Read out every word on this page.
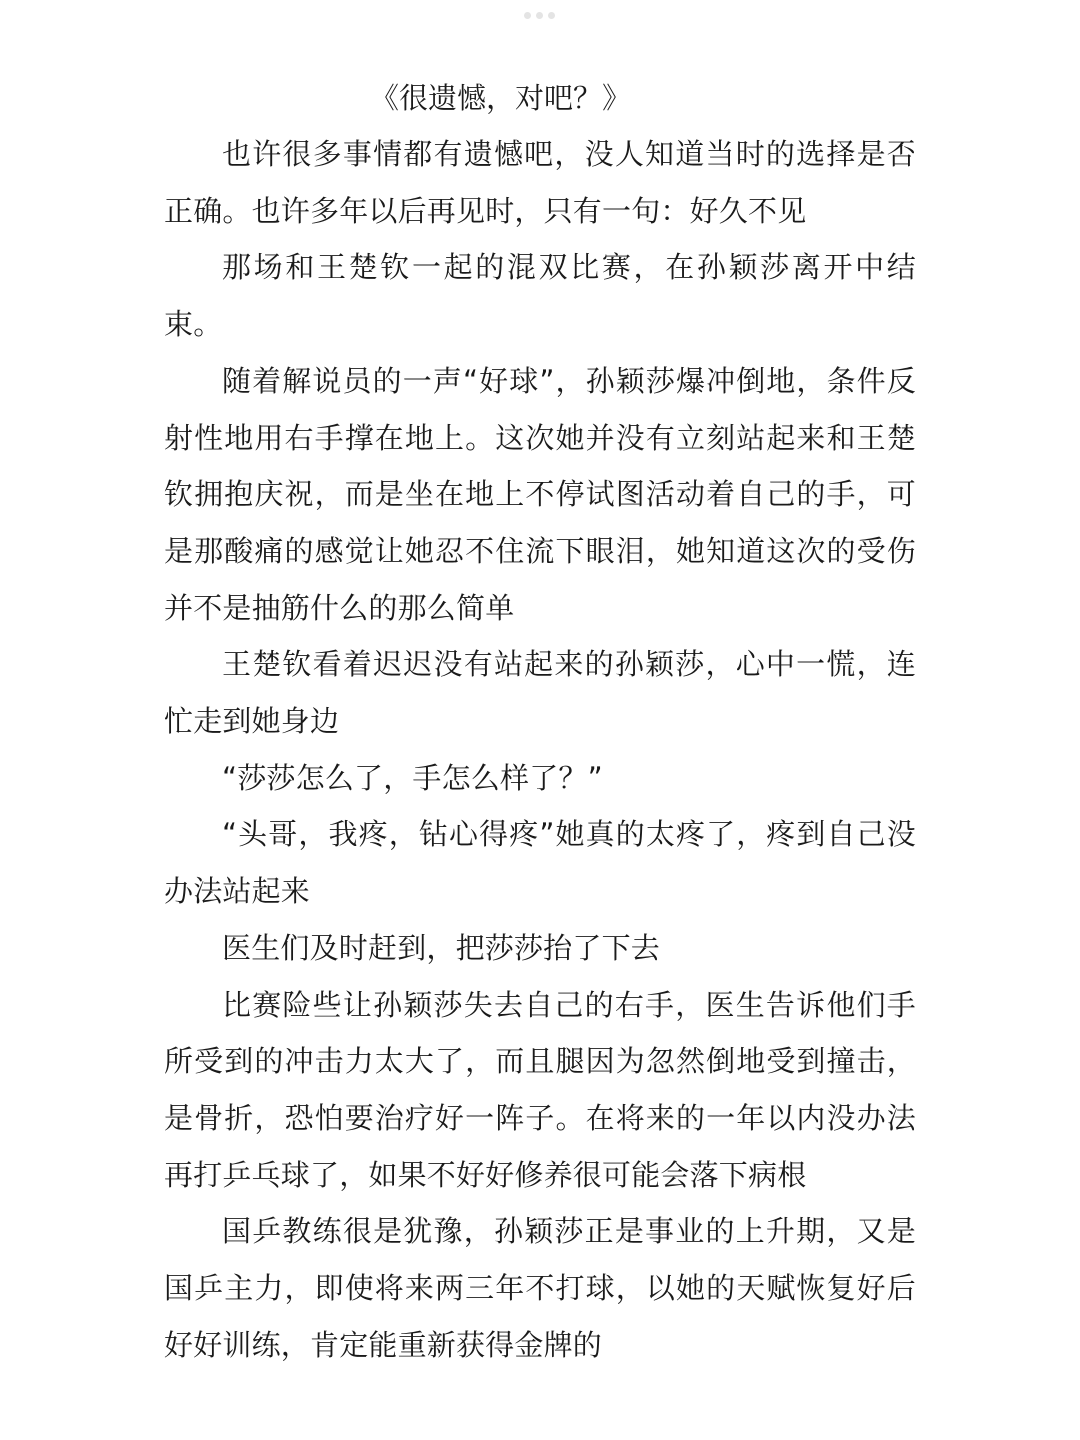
《很遗憾，对吧？》

也许很多事情都有遗憾吧，没人知道当时的选择是否正确。也许多年以后再见时，只有一句：好久不见

那场和王楚钦一起的混双比赛，在孙颖莎离开中结束。

随着解说员的一声“好球”，孙颖莎爆冲倒地，条件反射性地用右手撑在地上。这次她并没有立刻站起来和王楚钦拥抱庆祝，而是坐在地上不停试图活动着自己的手，可是那酸痛的感觉让她忍不住流下眼泪，她知道这次的受伤并不是抽筋什么的那么简单

王楚钦看着迟迟没有站起来的孙颖莎，心中一慌，连忙走到她身边

“莎莎怎么了，手怎么样了？”

“头哥，我疼，钻心得疼”她真的太疼了，疼到自己没办法站起来

医生们及时赶到，把莎莎抬了下去

比赛险些让孙颖莎失去自己的右手，医生告诉他们手所受到的冲击力太大了，而且腿因为忽然倒地受到撞击，是骨折，恐怕要治疗好一阵子。在将来的一年以内没办法再打乒乓球了，如果不好好修养很可能会落下病根

国乒教练很是犹豫，孙颖莎正是事业的上升期，又是国乒主力，即使将来两三年不打球，以她的天赋恢复好后好好训练，肯定能重新获得金牌的
